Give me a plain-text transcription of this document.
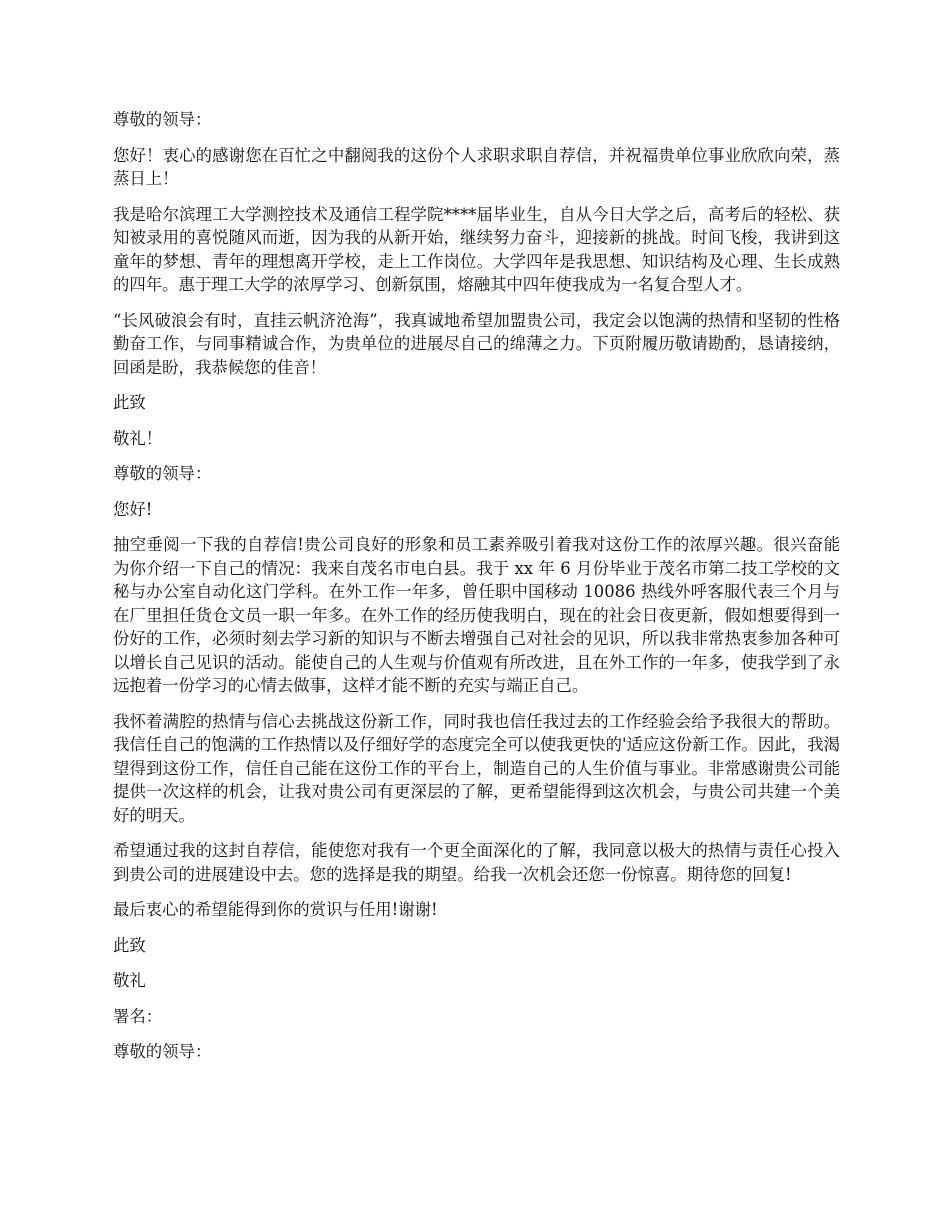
尊敬的领导：

您好！衷心的感谢您在百忙之中翻阅我的这份个人求职求职自荐信，并祝福贵单位事业欣欣向荣，蒸蒸日上！

我是哈尔滨理工大学测控技术及通信工程学院****届毕业生，自从今日大学之后，高考后的轻松、获知被录用的喜悦随风而逝，因为我的从新开始，继续努力奋斗，迎接新的挑战。时间飞梭，我讲到这童年的梦想、青年的理想离开学校，走上工作岗位。大学四年是我思想、知识结构及心理、生长成熟的四年。惠于理工大学的浓厚学习、创新氛围，熔融其中四年使我成为一名复合型人才。

“长风破浪会有时，直挂云帆济沧海”，我真诚地希望加盟贵公司，我定会以饱满的热情和坚韧的性格勤奋工作，与同事精诚合作，为贵单位的进展尽自己的绵薄之力。下页附履历敬请勘酌，恳请接纳，回函是盼，我恭候您的佳音！

此致

敬礼！

尊敬的领导：

您好!

抽空垂阅一下我的自荐信!贵公司良好的形象和员工素养吸引着我对这份工作的浓厚兴趣。很兴奋能为你介绍一下自己的情况：我来自茂名市电白县。我于 xx 年 6 月份毕业于茂名市第二技工学校的文秘与办公室自动化这门学科。在外工作一年多，曾任职中国移动 10086 热线外呼客服代表三个月与在厂里担任货仓文员一职一年多。在外工作的经历使我明白，现在的社会日夜更新，假如想要得到一份好的工作，必须时刻去学习新的知识与不断去增强自己对社会的见识，所以我非常热衷参加各种可以增长自己见识的活动。能使自己的人生观与价值观有所改进，且在外工作的一年多，使我学到了永远抱着一份学习的心情去做事，这样才能不断的充实与端正自己。

我怀着满腔的热情与信心去挑战这份新工作，同时我也信任我过去的工作经验会给予我很大的帮助。我信任自己的饱满的工作热情以及仔细好学的态度完全可以使我更快的'适应这份新工作。因此，我渴望得到这份工作，信任自己能在这份工作的平台上，制造自己的人生价值与事业。非常感谢贵公司能提供一次这样的机会，让我对贵公司有更深层的了解，更希望能得到这次机会，与贵公司共建一个美好的明天。

希望通过我的这封自荐信，能使您对我有一个更全面深化的了解，我同意以极大的热情与责任心投入到贵公司的进展建设中去。您的选择是我的期望。给我一次机会还您一份惊喜。期待您的回复!

最后衷心的希望能得到你的赏识与任用!谢谢!

此致

敬礼

署名：

尊敬的领导：
